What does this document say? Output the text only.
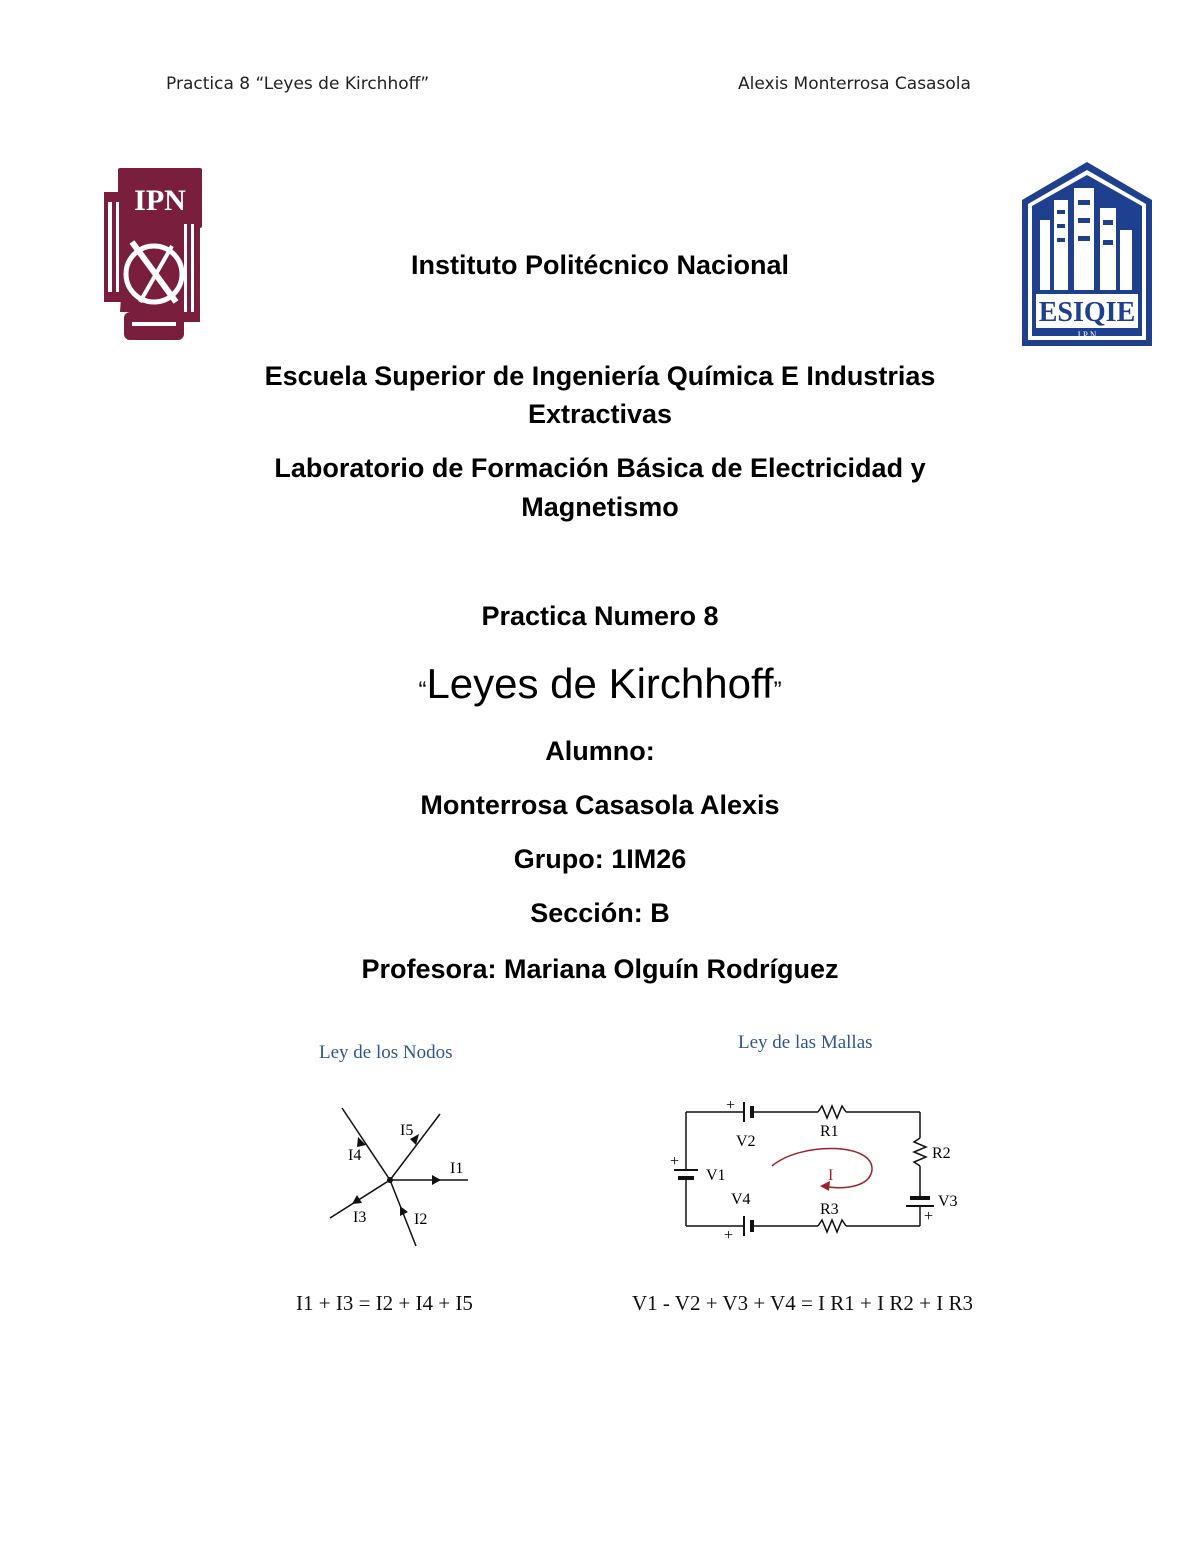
Practica 8 “Leyes de Kirchhoff”	Alexis Monterrosa Casasola
IPN
ESIQIE
I P N
Instituto Politécnico Nacional
Escuela Superior de Ingeniería Química E Industrias
Extractivas
Laboratorio de Formación Básica de Electricidad y
Magnetismo
Practica Numero 8
“Leyes de Kirchhoff”
Alumno:
Monterrosa Casasola Alexis
Grupo: 1IM26
Sección: B
Profesora: Mariana Olguín Rodríguez
Ley de los Nodos
I1
I2
I3
I4
I5
I1 + I3 = I2 + I4 + I5
Ley de las Mallas
I
+
V2
R1
R2
+
V1
V4
+
R3	V3
+
V1 - V2 + V3 + V4 = I R1 + I R2 + I R3
